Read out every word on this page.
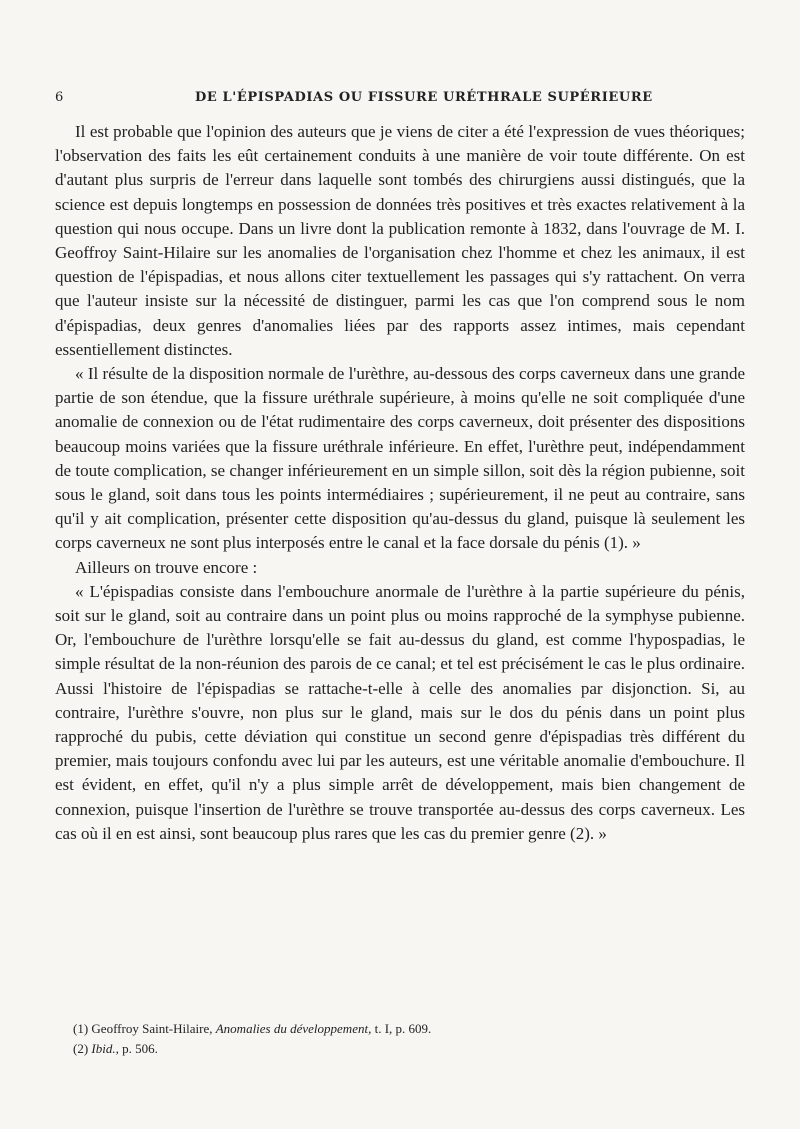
6	DE L'ÉPISPADIAS OU FISSURE URÉTHRALE SUPÉRIEURE

Il est probable que l'opinion des auteurs que je viens de citer a été l'expression de vues théoriques; l'observation des faits les eût certainement conduits à une manière de voir toute différente. On est d'autant plus surpris de l'erreur dans laquelle sont tombés des chirurgiens aussi distingués, que la science est depuis longtemps en possession de données très positives et très exactes relativement à la question qui nous occupe. Dans un livre dont la publication remonte à 1832, dans l'ouvrage de M. I. Geoffroy Saint-Hilaire sur les anomalies de l'organisation chez l'homme et chez les animaux, il est question de l'épispadias, et nous allons citer textuellement les passages qui s'y rattachent. On verra que l'auteur insiste sur la nécessité de distinguer, parmi les cas que l'on comprend sous le nom d'épispadias, deux genres d'anomalies liées par des rapports assez intimes, mais cependant essentiellement distinctes.

« Il résulte de la disposition normale de l'urèthre, au-dessous des corps caverneux dans une grande partie de son étendue, que la fissure uréthrale supérieure, à moins qu'elle ne soit compliquée d'une anomalie de connexion ou de l'état rudimentaire des corps caverneux, doit présenter des dispositions beaucoup moins variées que la fissure uréthrale inférieure. En effet, l'urèthre peut, indépendamment de toute complication, se changer inférieurement en un simple sillon, soit dès la région pubienne, soit sous le gland, soit dans tous les points intermédiaires ; supérieurement, il ne peut au contraire, sans qu'il y ait complication, présenter cette disposition qu'au-dessus du gland, puisque là seulement les corps caverneux ne sont plus interposés entre le canal et la face dorsale du pénis (1). »

Ailleurs on trouve encore :

« L'épispadias consiste dans l'embouchure anormale de l'urèthre à la partie supérieure du pénis, soit sur le gland, soit au contraire dans un point plus ou moins rapproché de la symphyse pubienne. Or, l'embouchure de l'urèthre lorsqu'elle se fait au-dessus du gland, est comme l'hypospadias, le simple résultat de la non-réunion des parois de ce canal; et tel est précisément le cas le plus ordinaire. Aussi l'histoire de l'épispadias se rattache-t-elle à celle des anomalies par disjonction. Si, au contraire, l'urèthre s'ouvre, non plus sur le gland, mais sur le dos du pénis dans un point plus rapproché du pubis, cette déviation qui constitue un second genre d'épispadias très différent du premier, mais toujours confondu avec lui par les auteurs, est une véritable anomalie d'embouchure. Il est évident, en effet, qu'il n'y a plus simple arrêt de développement, mais bien changement de connexion, puisque l'insertion de l'urèthre se trouve transportée au-dessus des corps caverneux. Les cas où il en est ainsi, sont beaucoup plus rares que les cas du premier genre (2). »

(1) Geoffroy Saint-Hilaire, Anomalies du développement, t. I, p. 609.

(2) Ibid., p. 506.
